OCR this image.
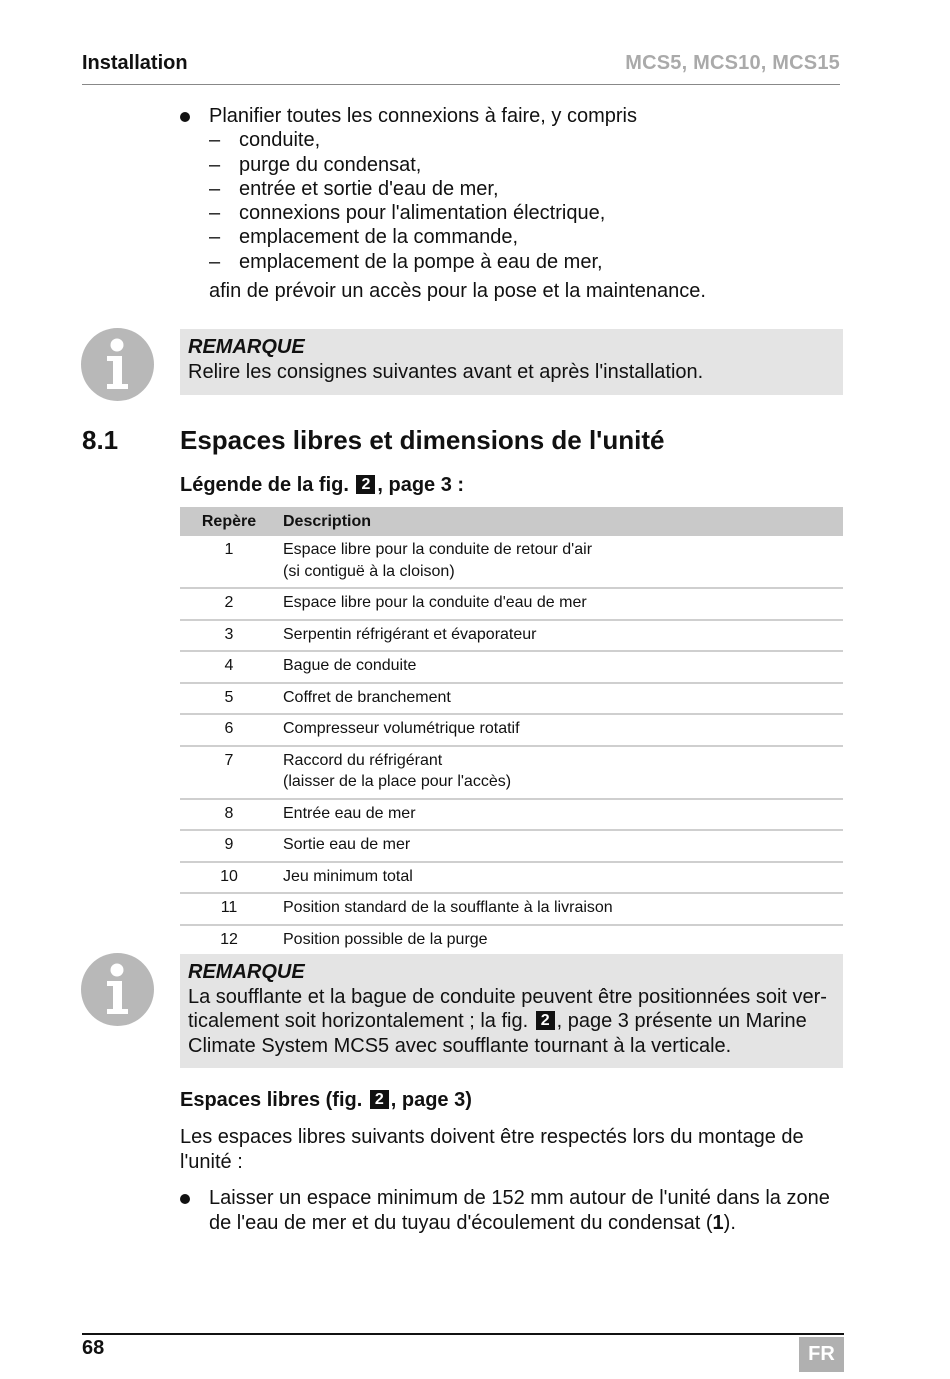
Installation	MCS5, MCS10, MCS15
Planifier toutes les connexions à faire, y compris
– conduite,
– purge du condensat,
– entrée et sortie d'eau de mer,
– connexions pour l'alimentation électrique,
– emplacement de la commande,
– emplacement de la pompe à eau de mer,
afin de prévoir un accès pour la pose et la maintenance.
REMARQUE
Relire les consignes suivantes avant et après l'installation.
8.1 Espaces libres et dimensions de l'unité
Légende de la fig. 2 , page 3 :
Repère	Description
1	Espace libre pour la conduite de retour d'air
(si contiguë à la cloison)

2	Espace libre pour la conduite d'eau de mer
3	Serpentin réfrigérant et évaporateur
4	Bague de conduite
5	Coffret de branchement
6	Compresseur volumétrique rotatif
7	Raccord du réfrigérant
(laisser de la place pour l'accès)

8	Entrée eau de mer
9	Sortie eau de mer
10	Jeu minimum total
11	Position standard de la soufflante à la livraison
12	Position possible de la purge
REMARQUE
La soufflante et la bague de conduite peuvent être positionnées soit ver-
ticalement soit horizontalement ; la fig. 2 , page 3 présente un Marine
Climate System MCS5 avec soufflante tournant à la verticale.
Espaces libres (fig. 2 , page 3)
Les espaces libres suivants doivent être respectés lors du montage de
l'unité :
Laisser un espace minimum de 152 mm autour de l'unité dans la zone
de l'eau de mer et du tuyau d'écoulement du condensat (1).
68	FR
